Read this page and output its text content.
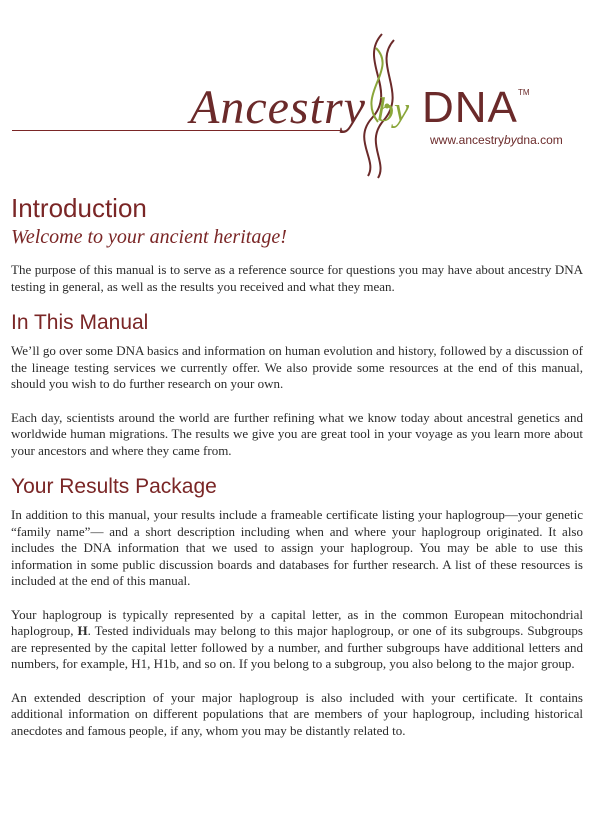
Ancestry by DNA TM
www.ancestrybydna.com
Introduction
Welcome to your ancient heritage!

The purpose of this manual is to serve as a reference source for questions you may have about ancestry DNA testing in general, as well as the results you received and what they mean.

In This Manual

We’ll go over some DNA basics and information on human evolution and history, followed by a discussion of the lineage testing services we currently offer. We also provide some resources at the end of this manual, should you wish to do further research on your own.

Each day, scientists around the world are further refining what we know today about ancestral genetics and worldwide human migrations. The results we give you are great tool in your voyage as you learn more about your ancestors and where they came from.

Your Results Package

In addition to this manual, your results include a frameable certificate listing your haplogroup—your genetic “family name”— and a short description including when and where your haplogroup originated. It also includes the DNA information that we used to assign your haplogroup. You may be able to use this information in some public discussion boards and databases for further research. A list of these resources is included at the end of this manual.

Your haplogroup is typically represented by a capital letter, as in the common European mitochondrial haplogroup, H. Tested individuals may belong to this major haplogroup, or one of its subgroups. Subgroups are represented by the capital letter followed by a number, and further subgroups have additional letters and numbers, for example, H1, H1b, and so on. If you belong to a subgroup, you also belong to the major group.

An extended description of your major haplogroup is also included with your certificate. It contains additional information on different populations that are members of your haplogroup, including historical anecdotes and famous people, if any, whom you may be distantly related to.
